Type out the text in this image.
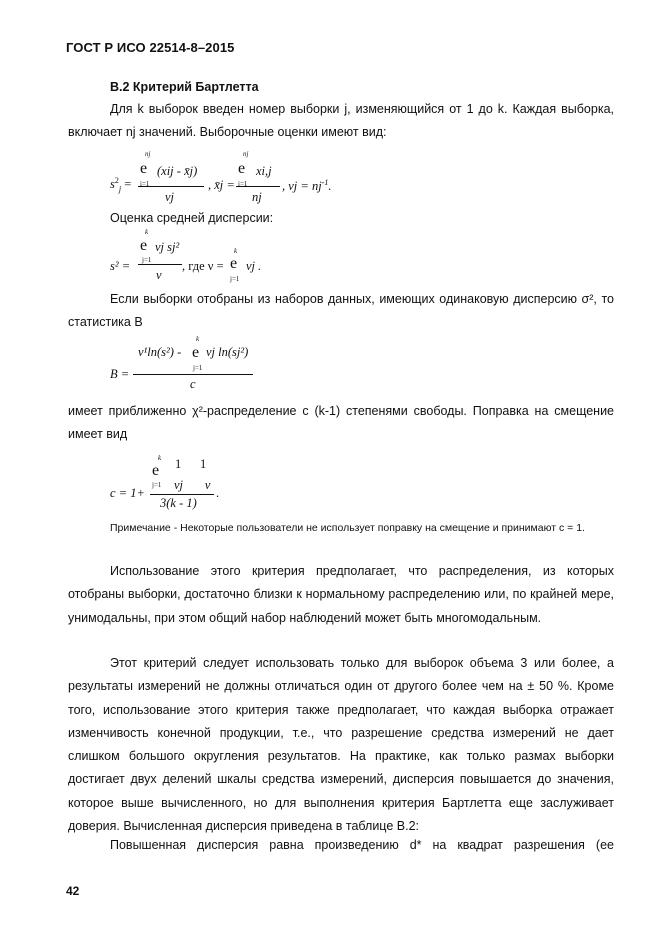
ГОСТ Р ИСО 22514-8–2015
В.2 Критерий Бартлетта
Для k выборок введен номер выборки j, изменяющийся от 1 до k. Каждая выборка, включает nj значений. Выборочные оценки имеют вид:
$s^2_j$ =
nj
e
i=1
(xij - x̄j)
νj
, x̄j =
nj
e
i=1
xi,j
nj
, $\nu j = nj^{-1}$.
Оценка средней дисперсии:
s² =
k
e
j=1
νj sj²
ν
, где ν =
k
e
j=1
νj .
Если выборки отобраны из наборов данных, имеющих одинаковую дисперсию σ², то статистика B
B =
ν¹ln(s²) -
k
e
j=1
νj ln(sj²)
c
имеет приближенно χ²-распределение с (k-1) степенями свободы. Поправка на смещение имеет вид
c = 1+
k
e
j=1
1      1
νj       ν
3(k - 1)
.
Примечание - Некоторые пользователи не использует поправку на смещение и принимают c = 1.
Использование этого критерия предполагает, что распределения, из которых отобраны выборки, достаточно близки к нормальному распределению или, по крайней мере, унимодальны, при этом общий набор наблюдений может быть многомодальным.
Этот критерий следует использовать только для выборок объема 3 или более, а результаты измерений не должны отличаться один от другого более чем на ± 50 %. Кроме того, использование этого критерия также предполагает, что каждая выборка отражает изменчивость конечной продукции, т.е., что разрешение средства измерений не дает слишком большого округления результатов. На практике, как только размах выборки достигает двух делений шкалы средства измерений, дисперсия повышается до значения, которое выше вычисленного, но для выполнения критерия Бартлетта еще заслуживает доверия. Вычисленная дисперсия приведена в таблице В.2:
Повышенная дисперсия равна произведению d* на квадрат разрешения (ее
42
